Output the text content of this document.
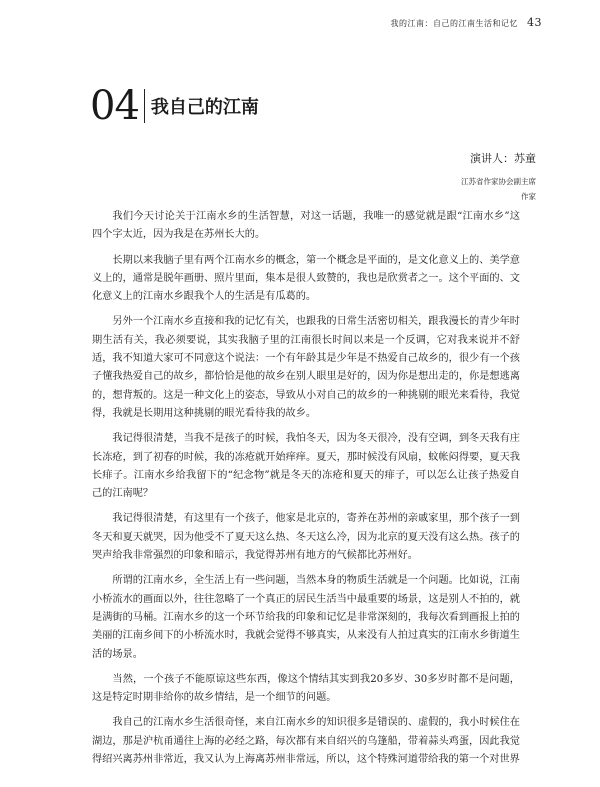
我的江南：自己的江南生活和记忆 43
04 我自己的江南
演讲人：苏童
江苏省作家协会副主席
作家

我们今天讨论关于江南水乡的生活智慧，对这一话题，我唯一的感觉就是跟“江南水乡”这四个字太近，因为我是在苏州长大的。

长期以来我脑子里有两个江南水乡的概念，第一个概念是平面的，是文化意义上的、美学意义上的，通常是脱年画册、照片里面，集本是很人致赞的，我也是欣赏者之一。这个平面的、文化意义上的江南水乡跟我个人的生活是有瓜葛的。

另外一个江南水乡直接和我的记忆有关，也跟我的日常生活密切相关，跟我漫长的青少年时期生活有关，我必须要说，其实我脑子里的江南很长时间以来是一个反调，它对我来说并不舒适，我不知道大家可不同意这个说法：一个有年龄其是少年是不热爱自己故乡的，很少有一个孩子懂我热爱自己的故乡，都恰恰是他的故乡在别人眼里是好的，因为你是想出走的，你是想逃离的，想背叛的。这是一种文化上的姿态，导致从小对自己的故乡的一种挑剔的眼光来看待，我觉得，我就是长期用这种挑剔的眼光看待我的故乡。

我记得很清楚，当我不是孩子的时候，我怕冬天，因为冬天很冷，没有空调，到冬天我有庄长冻疮，到了初春的时候，我的冻疮就开始痒痒。夏天，那时候没有风扇，蚊帐闷得要，夏天我长痱子。江南水乡给我留下的“纪念物”就是冬天的冻疮和夏天的痱子，可以怎么让孩子热爱自己的江南呢？

我记得很清楚，有这里有一个孩子，他家是北京的，寄养在苏州的亲戚家里，那个孩子一到冬天和夏天就哭，因为他受不了夏天这么热、冬天这么冷，因为北京的夏天没有这么热。孩子的哭声给我非常强烈的印象和暗示，我觉得苏州有地方的气候都比苏州好。

所谓的江南水乡，全生活上有一些问题，当然本身的物质生活就是一个问题。比如说，江南小桥流水的画面以外，往往忽略了一个真正的居民生活当中最重要的场景，这是别人不拍的，就是满街的马桶。江南水乡的这一个环节给我的印象和记忆是非常深刻的，我每次看到画报上拍的美丽的江南乡间下的小桥流水时，我就会觉得不够真实，从来没有人拍过真实的江南水乡街道生活的场景。

当然，一个孩子不能原谅这些东西，像这个情结其实到我20多岁、30多岁时都不是问题，这是特定时期非给你的故乡情结，是一个细节的问题。

我自己的江南水乡生活很奇怪，来自江南水乡的知识很多是错误的、虚假的，我小时候住在湖边，那是沪杭甬通往上海的必经之路，每次都有来自绍兴的乌篷船，带着蒜头鸡蛋，因此我觉得绍兴离苏州非常近，我又认为上海离苏州非常远，所以，这个特殊河道带给我的第一个对世界
